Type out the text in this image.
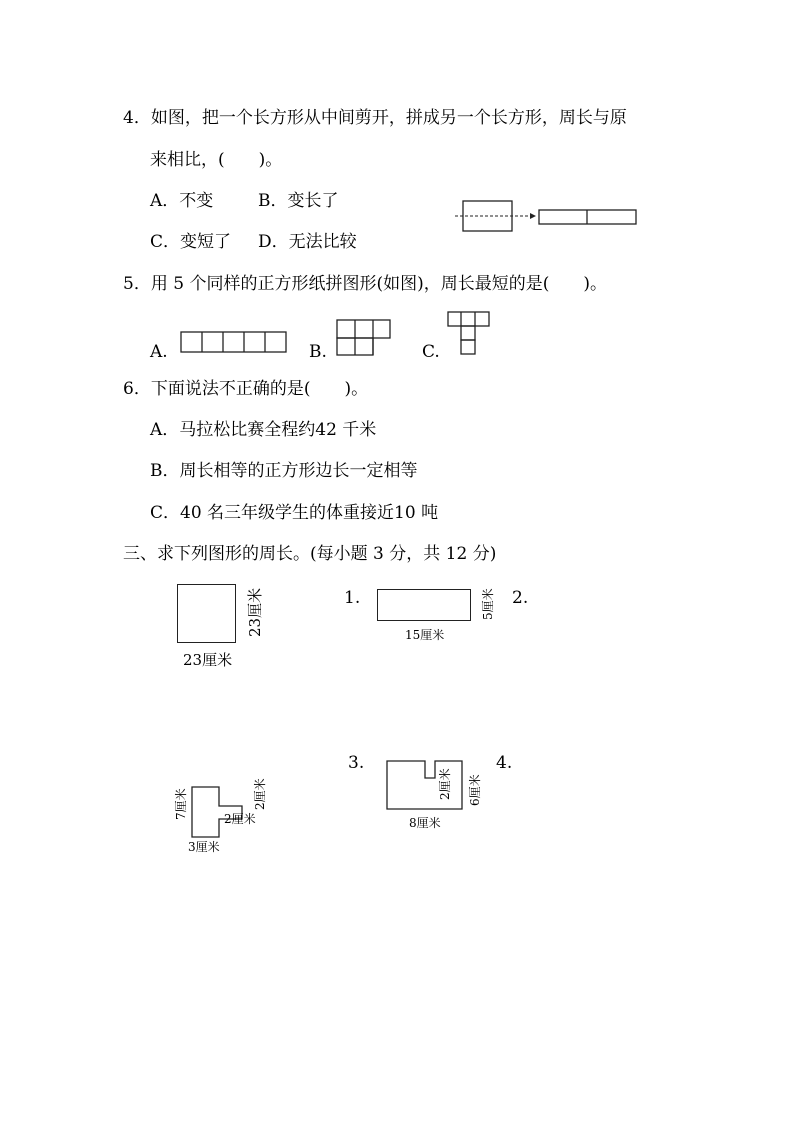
4．如图，把一个长方形从中间剪开，拼成另一个长方形，周长与原
来相比，(　　)。
A．不变	B．变长了
C．变短了 D．无法比较
5．用 5 个同样的正方形纸拼图形(如图)，周长最短的是(　　)。
A.	B.	C.
6．下面说法不正确的是(　　)。
A．马拉松比赛全程约42 千米
B．周长相等的正方形边长一定相等
C．40 名三年级学生的体重接近10 吨
三、求下列图形的周长。(每小题 3 分，共 12 分)
23厘米
23厘米
1.	5厘米
15厘米
2.
7厘米	2厘米
2厘米
3厘米
3.
2厘米 6厘米
8厘米
4.
